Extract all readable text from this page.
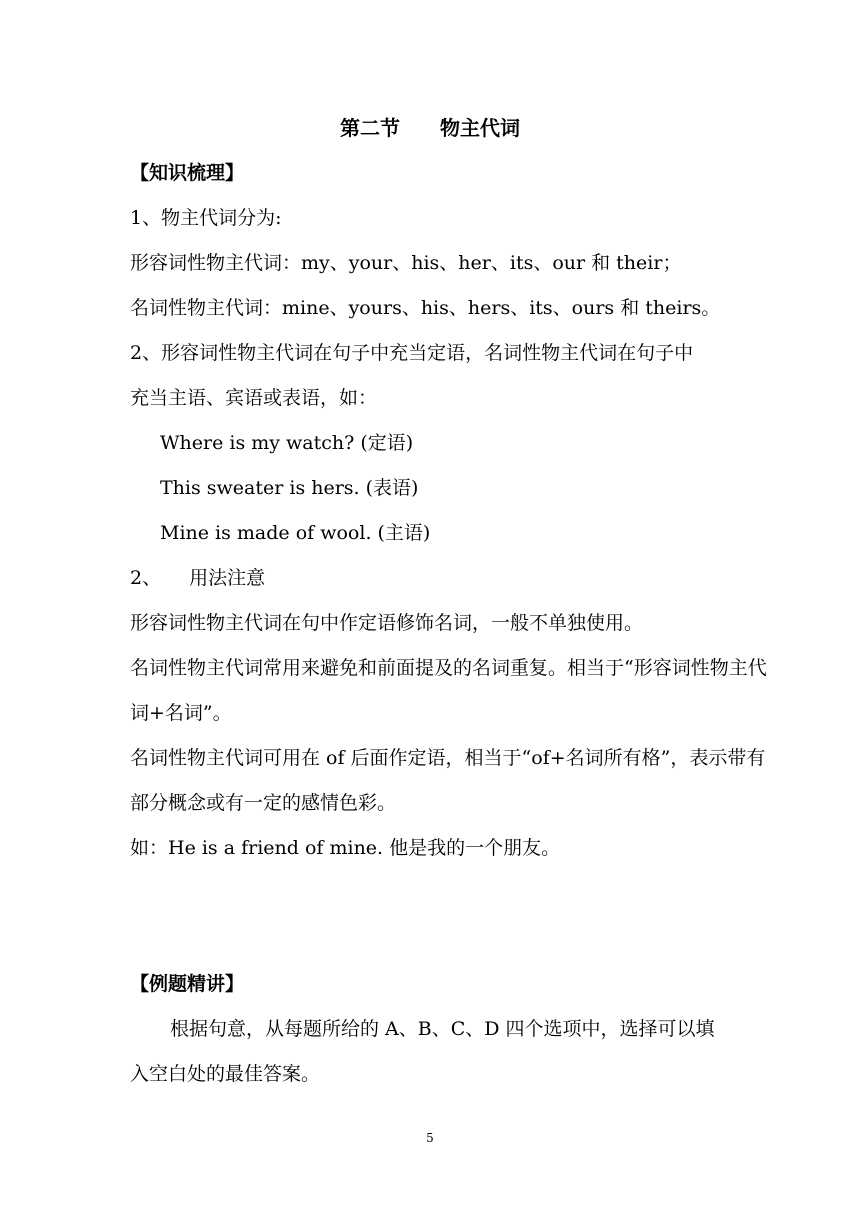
第二节　　物主代词
【知识梳理】
1、物主代词分为:
形容词性物主代词：my、your、his、her、its、our 和 their；
名词性物主代词：mine、yours、his、hers、its、ours 和 theirs。
2、形容词性物主代词在句子中充当定语，名词性物主代词在句子中
充当主语、宾语或表语，如：
Where is my watch? (定语)
This sweater is hers. (表语)
Mine is made of wool. (主语)
2、 用法注意
形容词性物主代词在句中作定语修饰名词，一般不单独使用。
名词性物主代词常用来避免和前面提及的名词重复。相当于“形容词性物主代
词+名词”。
名词性物主代词可用在 of 后面作定语，相当于“of+名词所有格”，表示带有
部分概念或有一定的感情色彩。
如：He is a friend of mine. 他是我的一个朋友。
【例题精讲】
根据句意，从每题所给的 A、B、C、D 四个选项中，选择可以填
入空白处的最佳答案。
5
